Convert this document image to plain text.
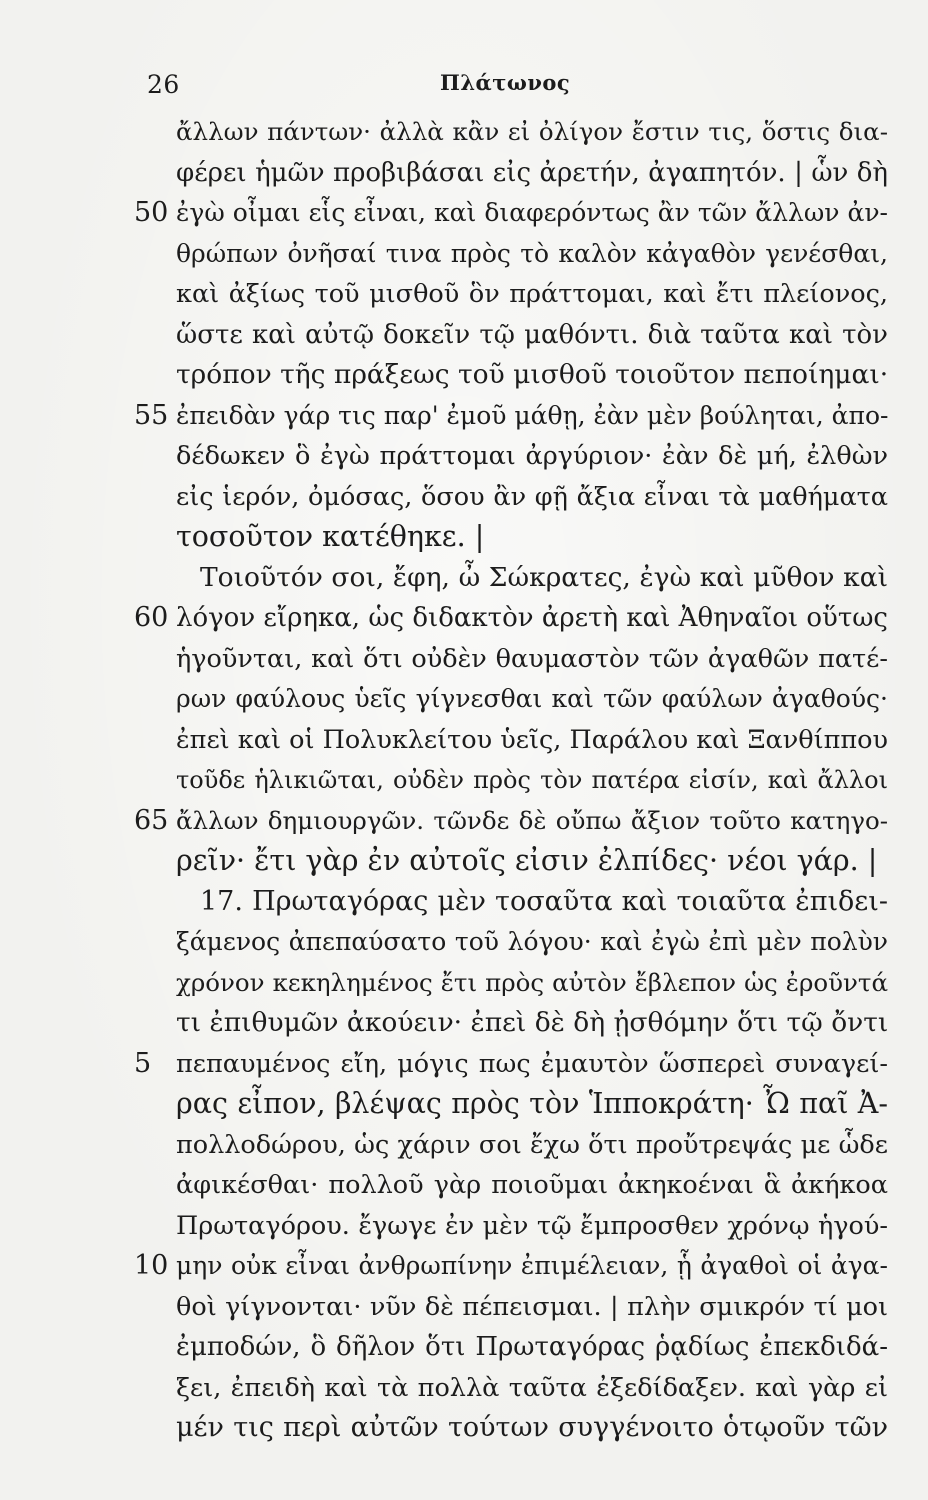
26	Πλάτωνος
ἄλλων πάντων· ἀλλὰ κἂν εἰ ὀλίγον ἔστιν τις, ὅστις δια-
φέρει ἡμῶν προβιβάσαι εἰς ἀρετήν, ἀγαπητόν. | ὧν δὴ
50 ἐγὼ οἶμαι εἷς εἶναι, καὶ διαφερόντως ἂν τῶν ἄλλων ἀν-
θρώπων ὀνῆσαί τινα πρὸς τὸ καλὸν κἀγαθὸν γενέσθαι,
καὶ ἀξίως τοῦ μισθοῦ ὃν πράττομαι, καὶ ἔτι πλείονος,
ὥστε καὶ αὐτῷ δοκεῖν τῷ μαθόντι. διὰ ταῦτα καὶ τὸν
τρόπον τῆς πράξεως τοῦ μισθοῦ τοιοῦτον πεποίημαι·
55 ἐπειδὰν γάρ τις παρ' ἐμοῦ μάθῃ, ἐὰν μὲν βούληται, ἀπο-
δέδωκεν ὃ ἐγὼ πράττομαι ἀργύριον· ἐὰν δὲ μή, ἐλθὼν
εἰς ἱερόν, ὀμόσας, ὅσου ἂν φῇ ἄξια εἶναι τὰ μαθήματα
τοσοῦτον κατέθηκε. |
Τοιοῦτόν σοι, ἔφη, ὦ Σώκρατες, ἐγὼ καὶ μῦθον καὶ
60 λόγον εἴρηκα, ὡς διδακτὸν ἀρετὴ καὶ Ἀθηναῖοι οὕτως
ἡγοῦνται, καὶ ὅτι οὐδὲν θαυμαστὸν τῶν ἀγαθῶν πατέ-
ρων φαύλους ὑεῖς γίγνεσθαι καὶ τῶν φαύλων ἀγαθούς·
ἐπεὶ καὶ οἱ Πολυκλείτου ὑεῖς, Παράλου καὶ Ξανθίππου
τοῦδε ἡλικιῶται, οὐδὲν πρὸς τὸν πατέρα εἰσίν, καὶ ἄλλοι
65 ἄλλων δημιουργῶν. τῶνδε δὲ οὔπω ἄξιον τοῦτο κατηγο-
ρεῖν· ἔτι γὰρ ἐν αὐτοῖς εἰσιν ἐλπίδες· νέοι γάρ. |
17. Πρωταγόρας μὲν τοσαῦτα καὶ τοιαῦτα ἐπιδει-
ξάμενος ἀπεπαύσατο τοῦ λόγου· καὶ ἐγὼ ἐπὶ μὲν πολὺν
χρόνον κεκηλημένος ἔτι πρὸς αὐτὸν ἔβλεπον ὡς ἐροῦντά
τι ἐπιθυμῶν ἀκούειν· ἐπεὶ δὲ δὴ ᾐσθόμην ὅτι τῷ ὄντι
5 πεπαυμένος εἴη, μόγις πως ἐμαυτὸν ὥσπερεὶ συναγεί-
ρας εἶπον, βλέψας πρὸς τὸν Ἱπποκράτη· Ὦ παῖ Ἀ-
πολλοδώρου, ὡς χάριν σοι ἔχω ὅτι προὔτρεψάς με ὧδε
ἀφικέσθαι· πολλοῦ γὰρ ποιοῦμαι ἀκηκοέναι ἃ ἀκήκοα
Πρωταγόρου. ἔγωγε ἐν μὲν τῷ ἔμπροσθεν χρόνῳ ἡγού-
10 μην οὐκ εἶναι ἀνθρωπίνην ἐπιμέλειαν, ᾗ ἀγαθοὶ οἱ ἀγα-
θοὶ γίγνονται· νῦν δὲ πέπεισμαι. | πλὴν σμικρόν τί μοι
ἐμποδών, ὃ δῆλον ὅτι Πρωταγόρας ῥᾳδίως ἐπεκδιδά-
ξει, ἐπειδὴ καὶ τὰ πολλὰ ταῦτα ἐξεδίδαξεν. καὶ γὰρ εἰ
μέν τις περὶ αὐτῶν τούτων συγγένοιτο ὁτῳοῦν τῶν
